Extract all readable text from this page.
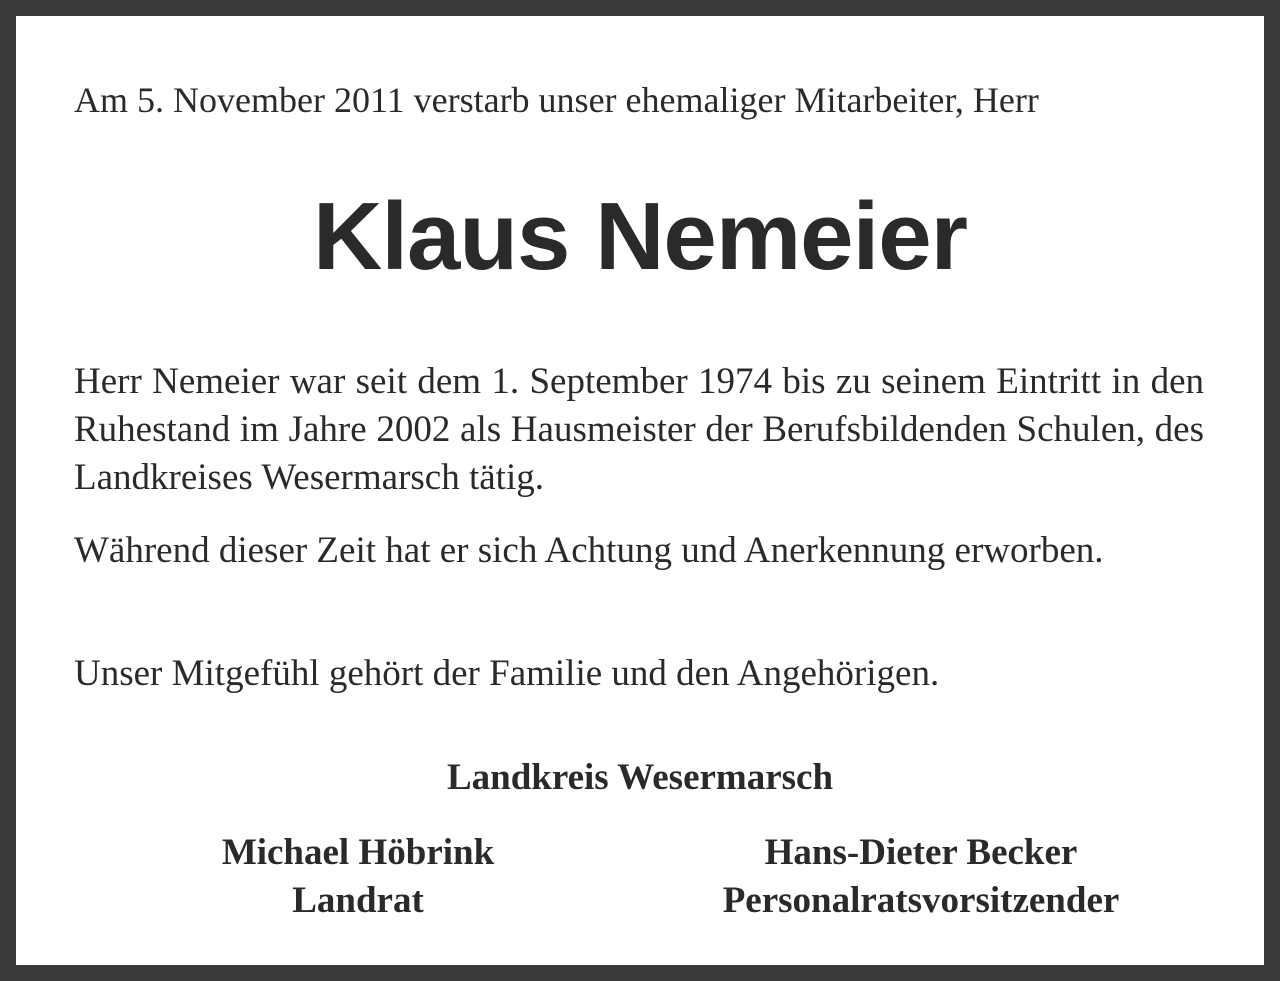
Am 5. November 2011 verstarb unser ehemaliger Mitarbeiter, Herr
Klaus Nemeier
Herr Nemeier war seit dem 1. September 1974 bis zu seinem Eintritt in den Ruhestand im Jahre 2002 als Hausmeister der Berufsbildenden Schulen, des Landkreises Wesermarsch tätig.
Während dieser Zeit hat er sich Achtung und Anerkennung erworben.
Unser Mitgefühl gehört der Familie und den Angehörigen.
Landkreis Wesermarsch
Michael Höbrink
Landrat
Hans-Dieter Becker
Personalratsvorsitzender
